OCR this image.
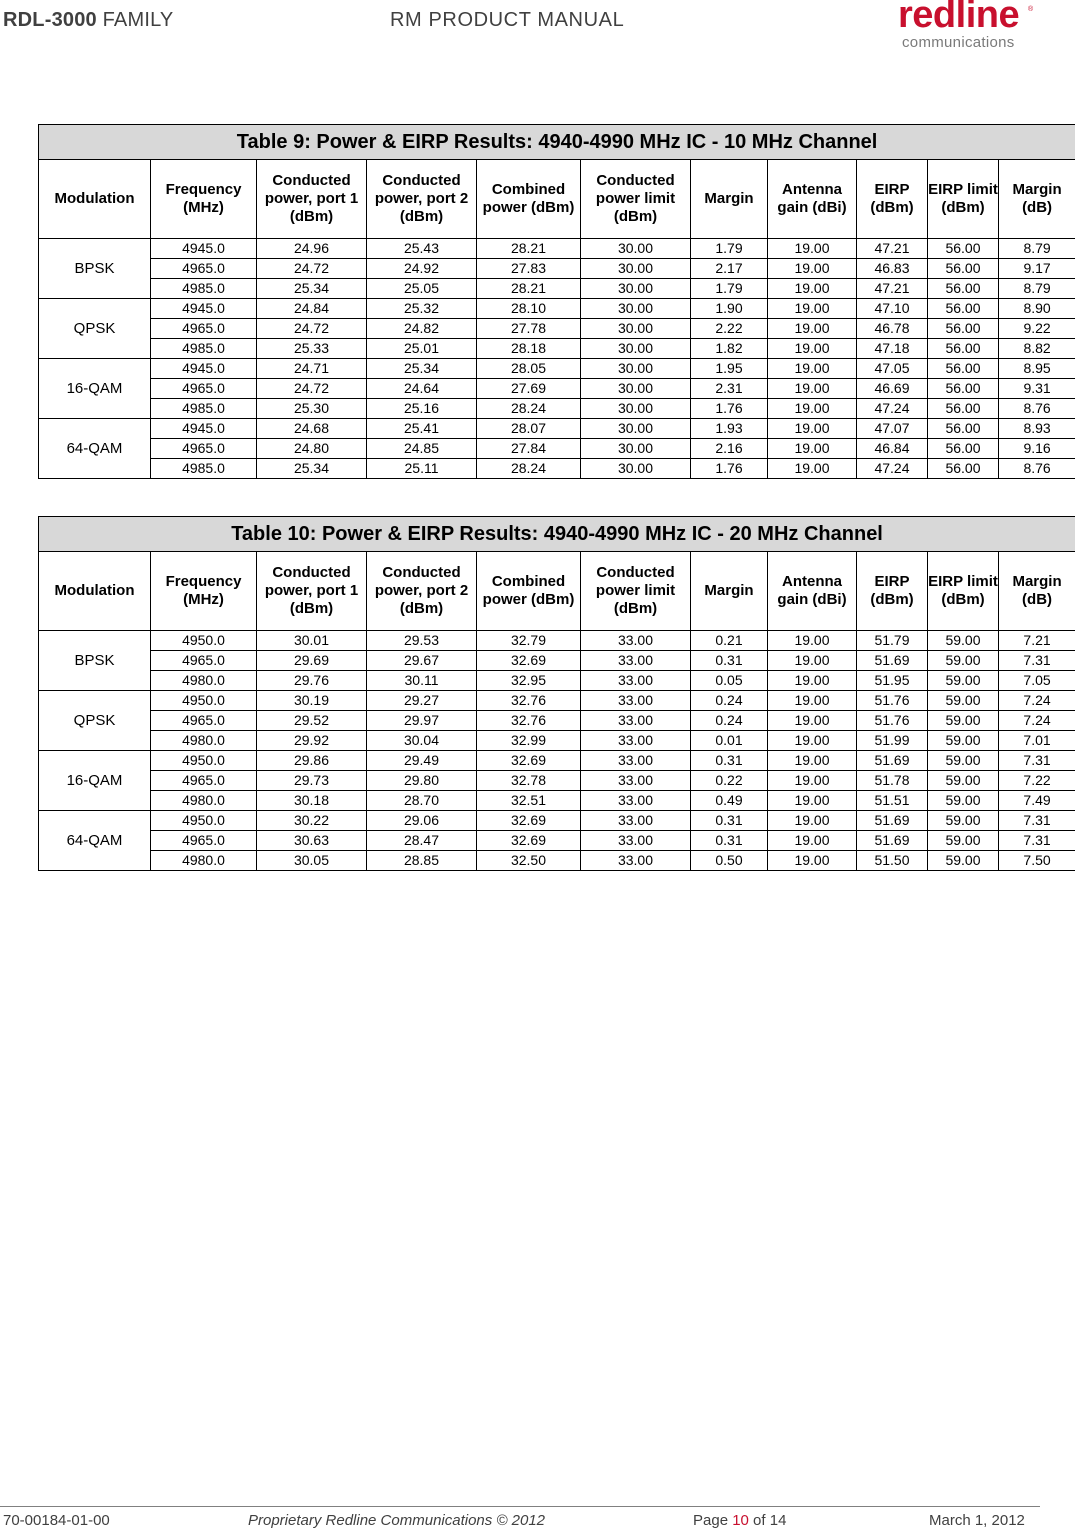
RDL-3000 FAMILY	RM PRODUCT MANUAL	redline ®
communications
Table 9: Power & EIRP Results: 4940-4990 MHz IC - 10 MHz Channel										
Modulation	Frequency (MHz)	Conducted power, port 1 (dBm)	Conducted power, port 2 (dBm)	Combined power (dBm)	Conducted power limit (dBm)	Margin	Antenna gain (dBi)	EIRP (dBm)	EIRP limit (dBm)	Margin (dB)
BPSK	4945.0	24.96	25.43	28.21	30.00	1.79	19.00	47.21	56.00	8.79
	4965.0	24.72	24.92	27.83	30.00	2.17	19.00	46.83	56.00	9.17
	4985.0	25.34	25.05	28.21	30.00	1.79	19.00	47.21	56.00	8.79
QPSK	4945.0	24.84	25.32	28.10	30.00	1.90	19.00	47.10	56.00	8.90
	4965.0	24.72	24.82	27.78	30.00	2.22	19.00	46.78	56.00	9.22
	4985.0	25.33	25.01	28.18	30.00	1.82	19.00	47.18	56.00	8.82
16-QAM	4945.0	24.71	25.34	28.05	30.00	1.95	19.00	47.05	56.00	8.95
	4965.0	24.72	24.64	27.69	30.00	2.31	19.00	46.69	56.00	9.31
	4985.0	25.30	25.16	28.24	30.00	1.76	19.00	47.24	56.00	8.76
64-QAM	4945.0	24.68	25.41	28.07	30.00	1.93	19.00	47.07	56.00	8.93
	4965.0	24.80	24.85	27.84	30.00	2.16	19.00	46.84	56.00	9.16
	4985.0	25.34	25.11	28.24	30.00	1.76	19.00	47.24	56.00	8.76
Table 10: Power & EIRP Results: 4940-4990 MHz IC - 20 MHz Channel										
Modulation	Frequency (MHz)	Conducted power, port 1 (dBm)	Conducted power, port 2 (dBm)	Combined power (dBm)	Conducted power limit (dBm)	Margin	Antenna gain (dBi)	EIRP (dBm)	EIRP limit (dBm)	Margin (dB)
BPSK	4950.0	30.01	29.53	32.79	33.00	0.21	19.00	51.79	59.00	7.21
	4965.0	29.69	29.67	32.69	33.00	0.31	19.00	51.69	59.00	7.31
	4980.0	29.76	30.11	32.95	33.00	0.05	19.00	51.95	59.00	7.05
QPSK	4950.0	30.19	29.27	32.76	33.00	0.24	19.00	51.76	59.00	7.24
	4965.0	29.52	29.97	32.76	33.00	0.24	19.00	51.76	59.00	7.24
	4980.0	29.92	30.04	32.99	33.00	0.01	19.00	51.99	59.00	7.01
16-QAM	4950.0	29.86	29.49	32.69	33.00	0.31	19.00	51.69	59.00	7.31
	4965.0	29.73	29.80	32.78	33.00	0.22	19.00	51.78	59.00	7.22
	4980.0	30.18	28.70	32.51	33.00	0.49	19.00	51.51	59.00	7.49
64-QAM	4950.0	30.22	29.06	32.69	33.00	0.31	19.00	51.69	59.00	7.31
	4965.0	30.63	28.47	32.69	33.00	0.31	19.00	51.69	59.00	7.31
	4980.0	30.05	28.85	32.50	33.00	0.50	19.00	51.50	59.00	7.50
70-00184-01-00	Proprietary Redline Communications © 2012	Page 10 of 14	March 1, 2012
